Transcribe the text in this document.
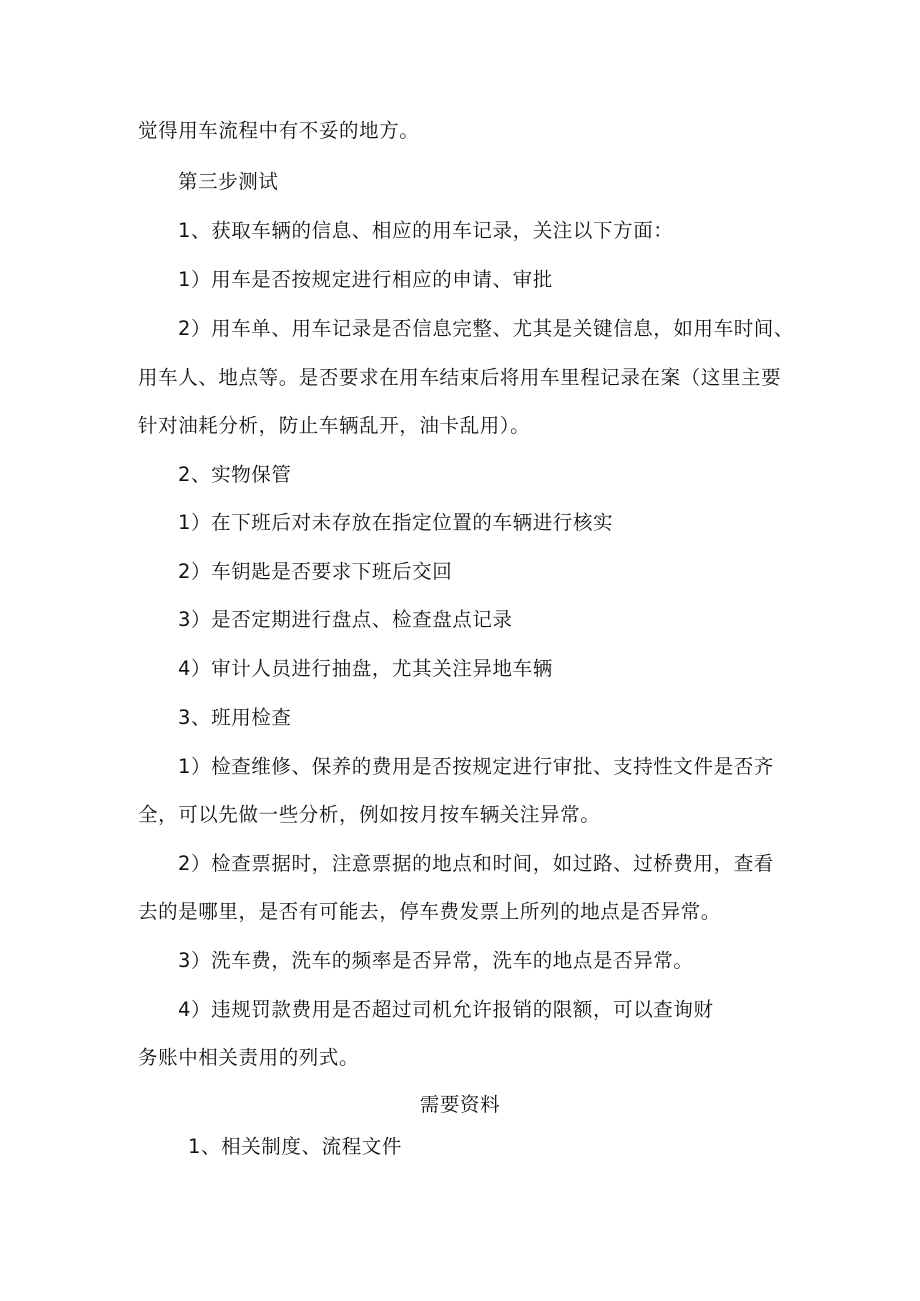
觉得用车流程中有不妥的地方。
第三步测试
1、获取车辆的信息、相应的用车记录，关注以下方面：
1）用车是否按规定进行相应的申请、审批
2）用车单、用车记录是否信息完整、尤其是关键信息，如用车时间、
用车人、地点等。是否要求在用车结束后将用车里程记录在案（这里主要
针对油耗分析，防止车辆乱开，油卡乱用）。
2、实物保管
1）在下班后对未存放在指定位置的车辆进行核实
2）车钥匙是否要求下班后交回
3）是否定期进行盘点、检查盘点记录
4）审计人员进行抽盘，尤其关注异地车辆
3、班用检查
1）检查维修、保养的费用是否按规定进行审批、支持性文件是否齐
全，可以先做一些分析，例如按月按车辆关注异常。
2）检查票据时，注意票据的地点和时间，如过路、过桥费用，查看
去的是哪里，是否有可能去，停车费发票上所列的地点是否异常。
3）洗车费，洗车的频率是否异常，洗车的地点是否异常。
4）违规罚款费用是否超过司机允许报销的限额，可以查询财
务账中相关责用的列式。
需要资料
1、相关制度、流程文件
